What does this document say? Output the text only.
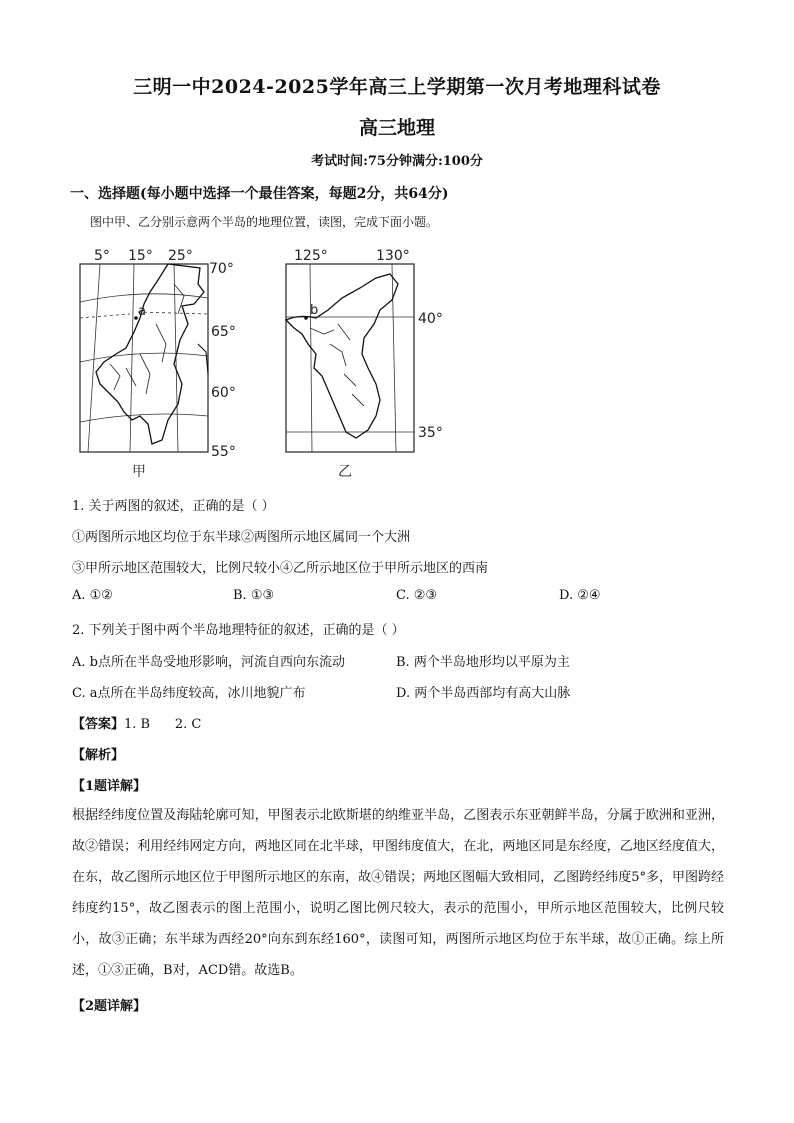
三明一中2024-2025学年高三上学期第一次月考地理科试卷
高三地理
考试时间:75分钟满分:100分
一、选择题(每小题中选择一个最佳答案，每题2分，共64分)
图中甲、乙分别示意两个半岛的地理位置，读图，完成下面小题。
5° 15° 25°
70°
65°
60°
55°
a
甲
125°	130°
40°
35°
b
乙
1. 关于两图的叙述，正确的是（ ）
①两图所示地区均位于东半球②两图所示地区属同一个大洲
③甲所示地区范围较大，比例尺较小④乙所示地区位于甲所示地区的西南
A. ①②	B. ①③	C. ②③	D. ②④
2. 下列关于图中两个半岛地理特征的叙述，正确的是（ ）
A. b点所在半岛受地形影响，河流自西向东流动	B. 两个半岛地形均以平原为主
C. a点所在半岛纬度较高，冰川地貌广布	D. 两个半岛西部均有高大山脉
【答案】1. B      2. C
【解析】
【1题详解】
根据经纬度位置及海陆轮廓可知，甲图表示北欧斯堪的纳维亚半岛，乙图表示东亚朝鲜半岛，分属于欧洲和亚洲，故②错误；利用经纬网定方向，两地区同在北半球，甲图纬度值大，在北，两地区同是东经度，乙地区经度值大，在东，故乙图所示地区位于甲图所示地区的东南，故④错误；两地区图幅大致相同，乙图跨经纬度5°多，甲图跨经纬度约15°，故乙图表示的图上范围小，说明乙图比例尺较大，表示的范围小，甲所示地区范围较大，比例尺较小，故③正确；东半球为西经20°向东到东经160°，读图可知，两图所示地区均位于东半球，故①正确。综上所述，①③正确，B对，ACD错。故选B。
【2题详解】
